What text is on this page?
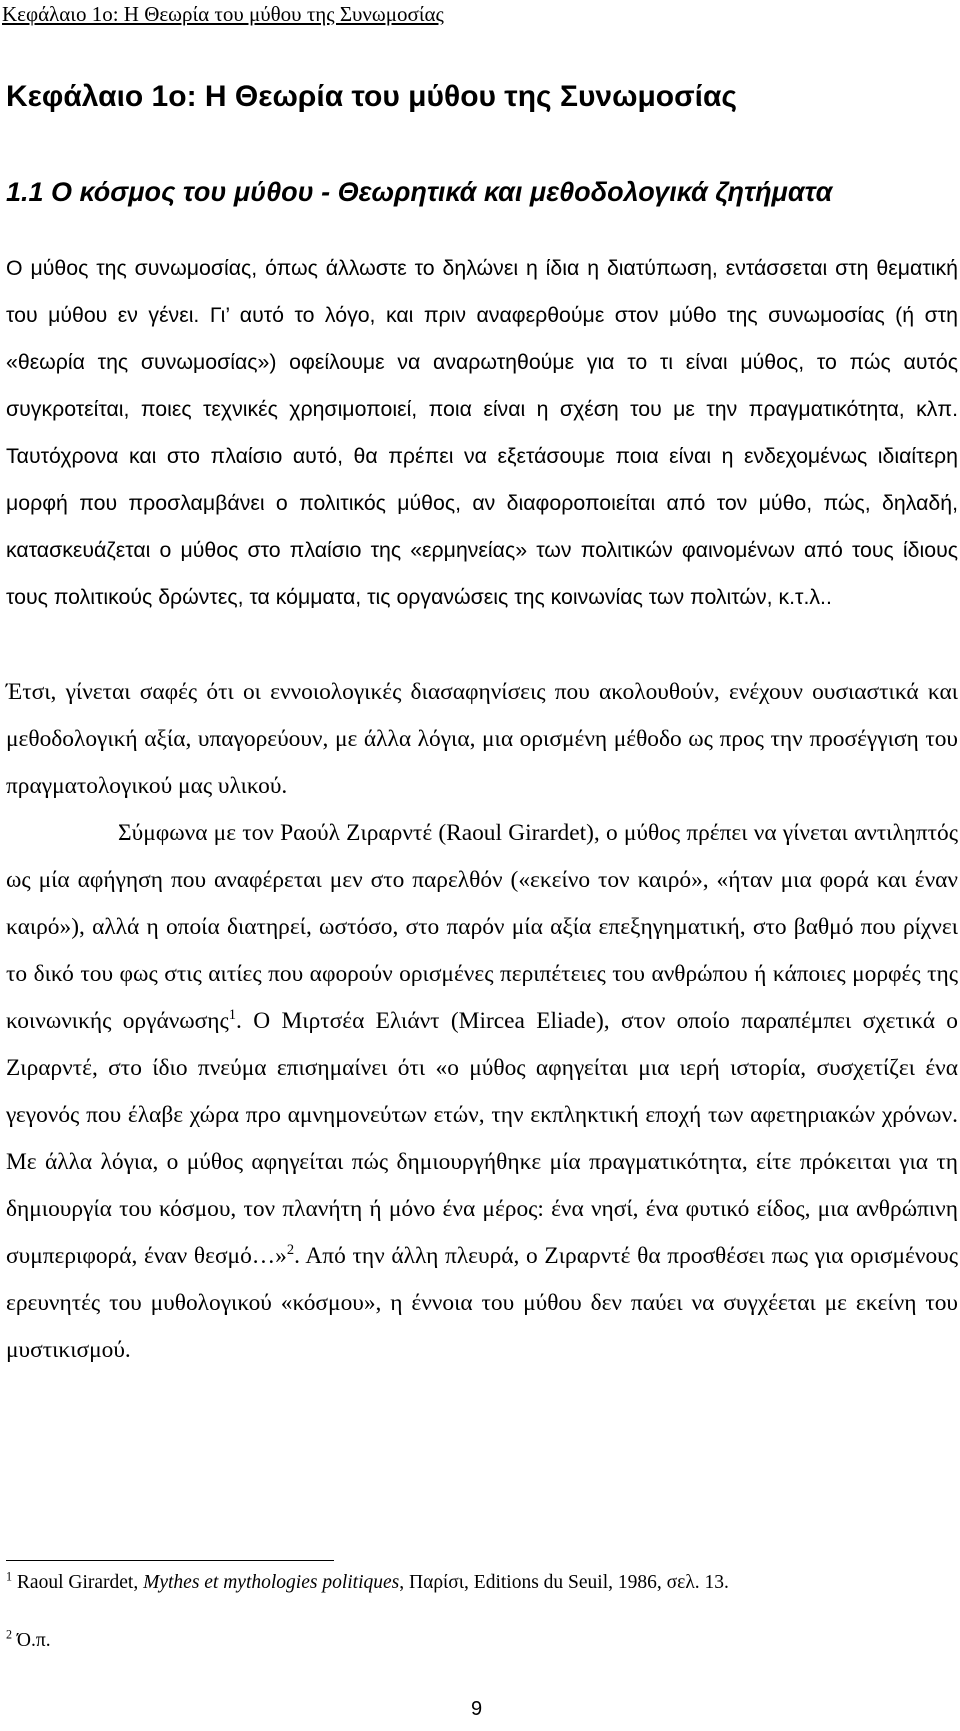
Κεφάλαιο 1ο: Η Θεωρία του μύθου της Συνωμοσίας
Κεφάλαιο 1ο: Η Θεωρία του μύθου της Συνωμοσίας
1.1 Ο κόσμος του μύθου - Θεωρητικά και μεθοδολογικά ζητήματα
Ο μύθος της συνωμοσίας, όπως άλλωστε το δηλώνει η ίδια η διατύπωση, εντάσσεται στη θεματική του μύθου εν γένει. Γι’ αυτό το λόγο, και πριν αναφερθούμε στον μύθο της συνωμοσίας (ή στη «θεωρία της συνωμοσίας») οφείλουμε να αναρωτηθούμε για το τι είναι μύθος, το πώς αυτός συγκροτείται, ποιες τεχνικές χρησιμοποιεί, ποια είναι η σχέση του με την πραγματικότητα, κλπ. Ταυτόχρονα και στο πλαίσιο αυτό, θα πρέπει να εξετάσουμε ποια είναι η ενδεχομένως ιδιαίτερη μορφή που προσλαμβάνει ο πολιτικός μύθος, αν διαφοροποιείται από τον μύθο, πώς, δηλαδή, κατασκευάζεται ο μύθος στο πλαίσιο της «ερμηνείας» των πολιτικών φαινομένων από τους ίδιους τους πολιτικούς δρώντες, τα κόμματα, τις οργανώσεις της κοινωνίας των πολιτών, κ.τ.λ..
Έτσι, γίνεται σαφές ότι οι εννοιολογικές διασαφηνίσεις που ακολουθούν, ενέχουν ουσιαστικά και μεθοδολογική αξία, υπαγορεύουν, με άλλα λόγια, μια ορισμένη μέθοδο ως προς την προσέγγιση του πραγματολογικού μας υλικού.
Σύμφωνα με τον Ραούλ Ζιραρντέ (Raoul Girardet), ο μύθος πρέπει να γίνεται αντιληπτός ως μία αφήγηση που αναφέρεται μεν στο παρελθόν («εκείνο τον καιρό», «ήταν μια φορά και έναν καιρό»), αλλά η οποία διατηρεί, ωστόσο, στο παρόν μία αξία επεξηγηματική, στο βαθμό που ρίχνει το δικό του φως στις αιτίες που αφορούν ορισμένες περιπέτειες του ανθρώπου ή κάποιες μορφές της κοινωνικής οργάνωσης$^1$. Ο Μιρτσέα Ελιάντ (Mircea Eliade), στον οποίο παραπέμπει σχετικά ο Ζιραρντέ, στο ίδιο πνεύμα επισημαίνει ότι «ο μύθος αφηγείται μια ιερή ιστορία, συσχετίζει ένα γεγονός που έλαβε χώρα προ αμνημονεύτων ετών, την εκπληκτική εποχή των αφετηριακών χρόνων. Με άλλα λόγια, ο μύθος αφηγείται πώς δημιουργήθηκε μία πραγματικότητα, είτε πρόκειται για τη δημιουργία του κόσμου, τον πλανήτη ή μόνο ένα μέρος: ένα νησί, ένα φυτικό είδος, μια ανθρώπινη συμπεριφορά, έναν θεσμό…»$^2$. Από την άλλη πλευρά, ο Ζιραρντέ θα προσθέσει πως για ορισμένους ερευνητές του μυθολογικού «κόσμου», η έννοια του μύθου δεν παύει να συγχέεται με εκείνη του μυστικισμού.
$^1$ Raoul Girardet, Mythes et mythologies politiques, Παρίσι, Editions du Seuil, 1986, σελ. 13.
$^2$ Ό.π.
9
